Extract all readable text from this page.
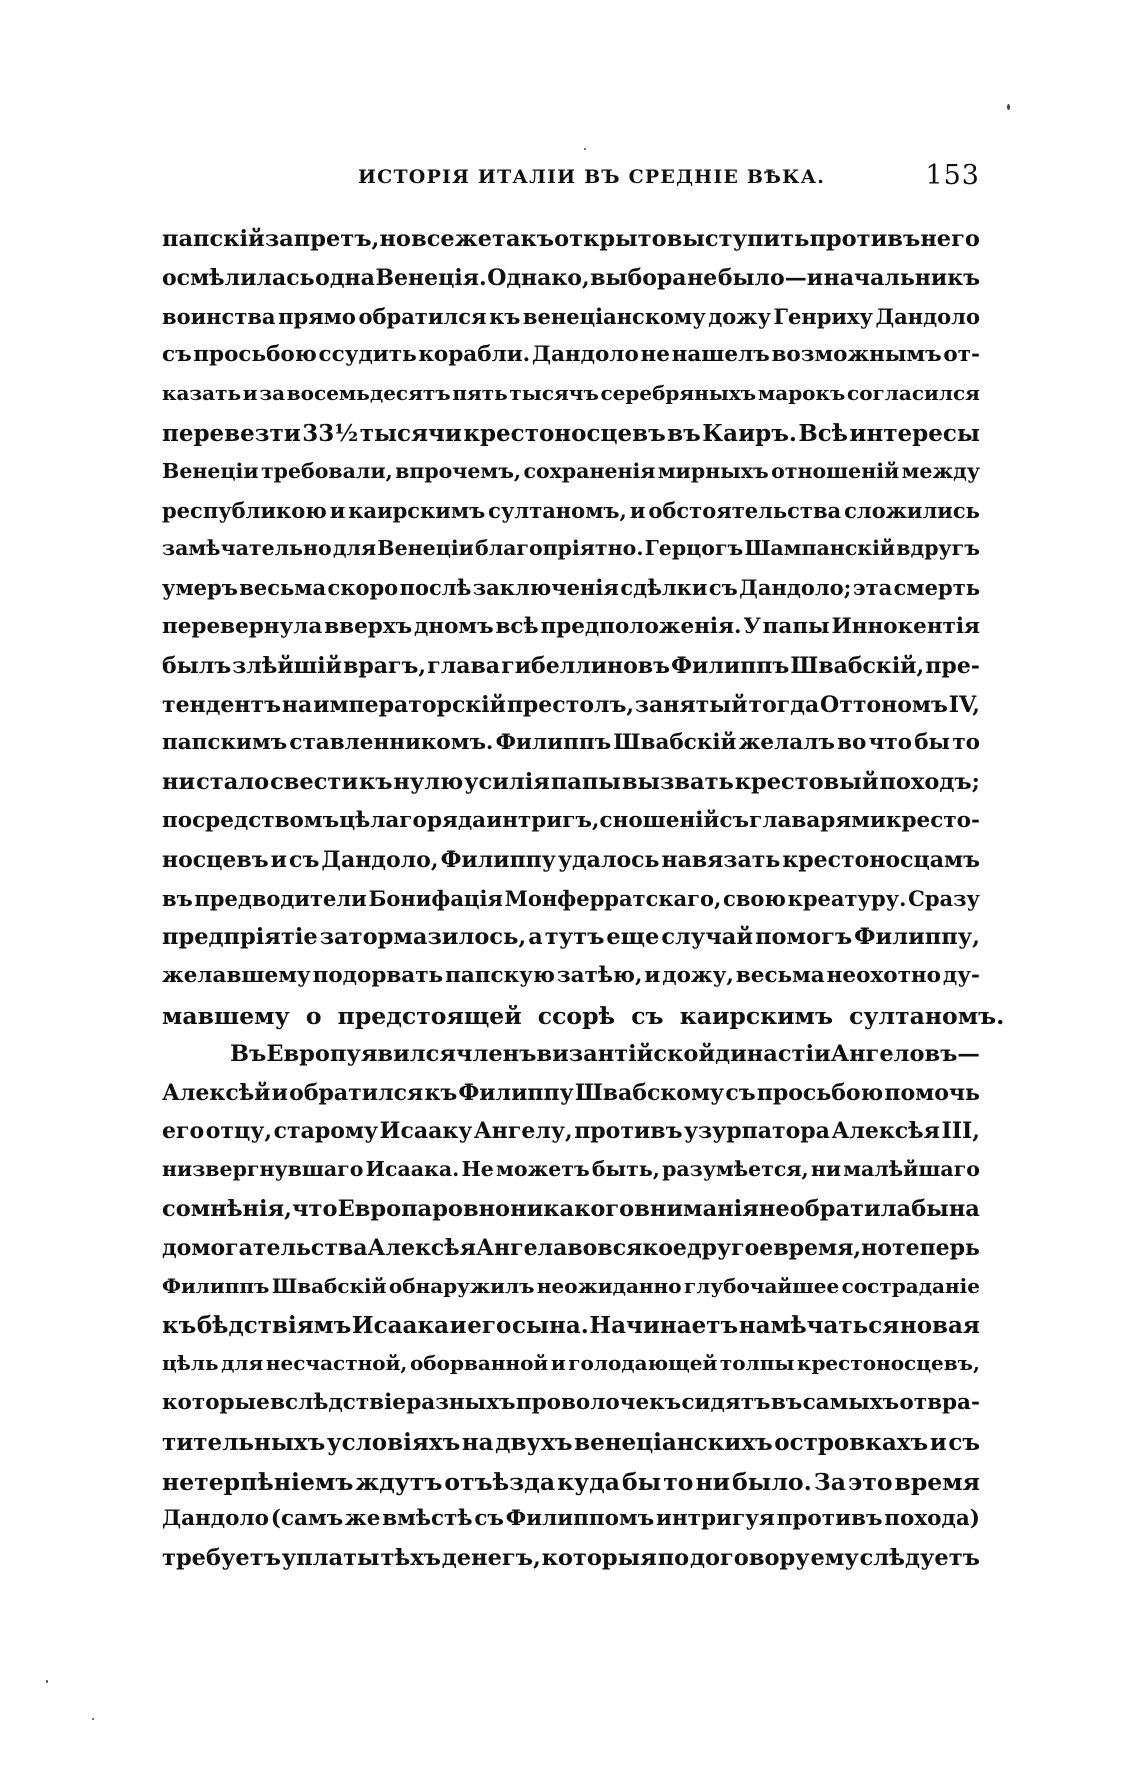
ИСТОРІЯ ИТАЛІИ ВЪ СРЕДНІЕ ВѢКА.	153
папскій запретъ, но все же такъ открыто выступить противъ него
осмѣлилась одна Венеція. Однако, выбора не было—и начальникъ
воинства прямо обратился къ венеціанскому дожу Генриху Дандоло
съ просьбою ссудить корабли. Дандоло не нашелъ возможнымъ от-
казать и за восемьдесятъ пять тысячъ серебряныхъ марокъ согласился
перевезти 33½ тысячи крестоносцевъ въ Каиръ. Всѣ интересы
Венеціи требовали, впрочемъ, сохраненія мирныхъ отношеній между
республикою и каирскимъ султаномъ, и обстоятельства сложились
замѣчательно для Венеціи благопріятно. Герцогъ Шампанскій вдругъ
умеръ весьма скоро послѣ заключенія сдѣлки съ Дандоло; эта смерть
перевернула вверхъ дномъ всѣ предположенія. У папы Иннокентія
былъ злѣйшій врагъ, глава гибеллиновъ Филиппъ Швабскій, пре-
тендентъ на императорскій престолъ, занятый тогда Оттономъ IV,
папскимъ ставленникомъ. Филиппъ Швабскій желалъ во что бы то
ни стало свести къ нулю усилія папы вызвать крестовый походъ;
посредствомъ цѣлаго ряда интригъ, сношеній съ главарями кресто-
носцевъ и съ Дандоло, Филиппу удалось навязать крестоносцамъ
въ предводители Бонифація Монферратскаго, свою креатуру. Сразу
предпріятіе затормазилось, а тутъ еще случай помогъ Филиппу,
желавшему подорвать папскую затѣю, и дожу, весьма неохотно ду-
мавшему о предстоящей ссорѣ съ каирскимъ султаномъ.
Въ Европу явился членъ византійской династіи Ангеловъ—
Алексѣй и обратился къ Филиппу Швабскому съ просьбою помочь
его отцу, старому Исааку Ангелу, противъ узурпатора Алексѣя III,
низвергнувшаго Исаака. Не можетъ быть, разумѣется, ни малѣйшаго
сомнѣнія, что Европа ровно никакого вниманія не обратила бы на
домогательства Алексѣя Ангела во всякое другое время, но теперь
Филиппъ Швабскій обнаружилъ неожиданно глубочайшее состраданіе
къ бѣдствіямъ Исаака и его сына. Начинаетъ намѣчаться новая
цѣль для несчастной, оборванной и голодающей толпы крестоносцевъ,
которые вслѣдствіе разныхъ проволочекъ сидятъ въ самыхъ отвра-
тительныхъ условіяхъ на двухъ венеціанскихъ островкахъ и съ
нетерпѣніемъ ждутъ отъѣзда куда бы то ни было. За это время
Дандоло (самъ же вмѣстѣ съ Филиппомъ интригуя противъ похода)
требуетъ уплаты тѣхъ денегъ, которыя по договору ему слѣдуетъ
